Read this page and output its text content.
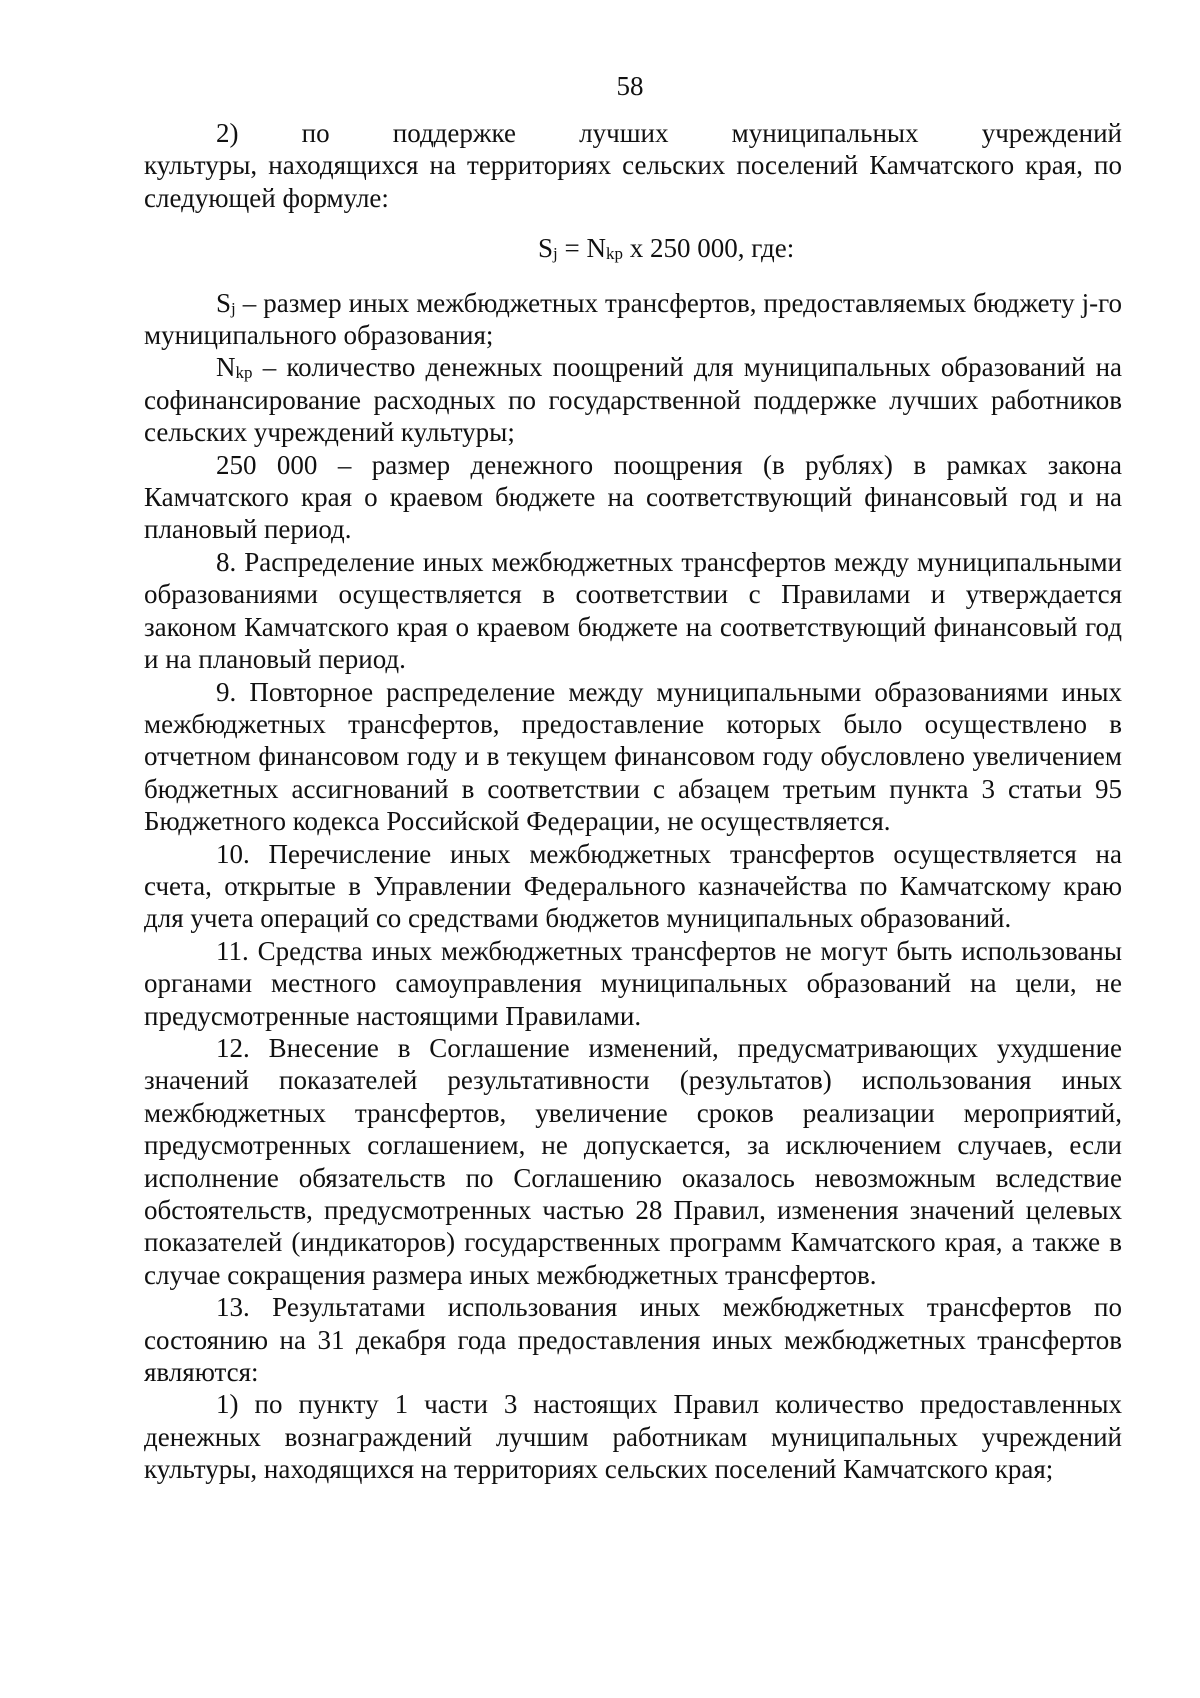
58

2) по поддержке лучших муниципальных учреждений

культуры, находящихся на территориях сельских поселений Камчатского края, по следующей формуле:

$S_j = N_{kp}$ x 250 000, где:

$S_j$ – размер иных межбюджетных трансфертов, предоставляемых бюджету j-го муниципального образования;

$N_{kp}$ – количество денежных поощрений для муниципальных образований на софинансирование расходных по государственной поддержке лучших работников сельских учреждений культуры;

250 000 – размер денежного поощрения (в рублях) в рамках закона Камчатского края о краевом бюджете на соответствующий финансовый год и на плановый период.

8. Распределение иных межбюджетных трансфертов между муниципальными образованиями осуществляется в соответствии с Правилами и утверждается законом Камчатского края о краевом бюджете на соответствующий финансовый год и на плановый период.

9. Повторное распределение между муниципальными образованиями иных межбюджетных трансфертов, предоставление которых было осуществлено в отчетном финансовом году и в текущем финансовом году обусловлено увеличением бюджетных ассигнований в соответствии с абзацем третьим пункта 3 статьи 95 Бюджетного кодекса Российской Федерации, не осуществляется.

10. Перечисление иных межбюджетных трансфертов осуществляется на счета, открытые в Управлении Федерального казначейства по Камчатскому краю для учета операций со средствами бюджетов муниципальных образований.

11. Средства иных межбюджетных трансфертов не могут быть использованы органами местного самоуправления муниципальных образований на цели, не предусмотренные настоящими Правилами.

12. Внесение в Соглашение изменений, предусматривающих ухудшение значений показателей результативности (результатов) использования иных межбюджетных трансфертов, увеличение сроков реализации мероприятий, предусмотренных соглашением, не допускается, за исключением случаев, если исполнение обязательств по Соглашению оказалось невозможным вследствие обстоятельств, предусмотренных частью 28 Правил, изменения значений целевых показателей (индикаторов) государственных программ Камчатского края, а также в случае сокращения размера иных межбюджетных трансфертов.

13. Результатами использования иных межбюджетных трансфертов по состоянию на 31 декабря года предоставления иных межбюджетных трансфертов являются:

1) по пункту 1 части 3 настоящих Правил количество предоставленных денежных вознаграждений лучшим работникам муниципальных учреждений культуры, находящихся на территориях сельских поселений Камчатского края;
